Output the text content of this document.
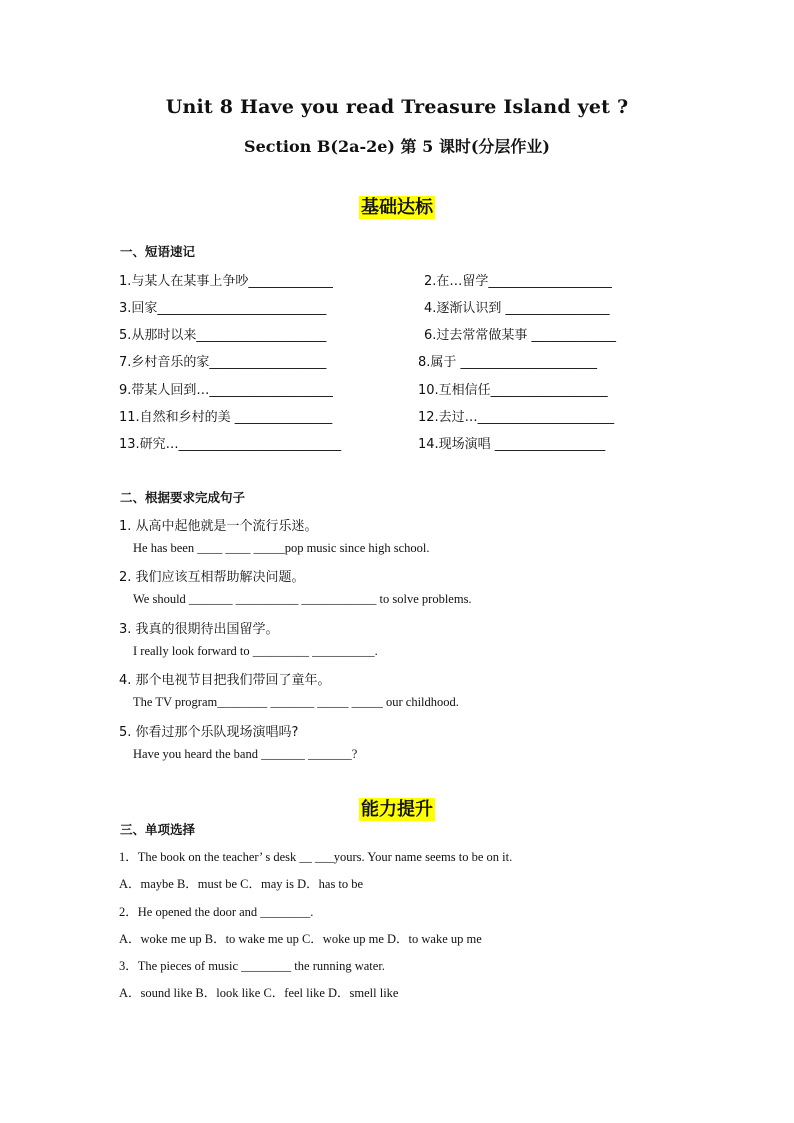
Unit 8 Have you read Treasure Island yet ?
Section B(2a-2e) 第 5 课时(分层作业)
基础达标
一、短语速记
1.与某人在某事上争吵_____________	2.在…留学___________________
3.回家__________________________	4.逐渐认识到 ________________
5.从那时以来____________________	6.过去常常做某事 _____________
7.乡村音乐的家__________________	8.属于 _____________________
9.带某人回到…___________________	10.互相信任__________________
11.自然和乡村的美 _______________	12.去过…_____________________
13.研究…_________________________	14.现场演唱 _________________
二、根据要求完成句子
1. 从高中起他就是一个流行乐迷。
He has been ____ ____ _____pop music since high school.
2. 我们应该互相帮助解决问题。
We should _______ __________ ____________ to solve problems.
3. 我真的很期待出国留学。
I really look forward to _________ __________.
4. 那个电视节目把我们带回了童年。
The TV program________ _______ _____ _____ our childhood.
5. 你看过那个乐队现场演唱吗?
Have you heard the band _______ _______?
能力提升
三、单项选择
1．The book on the teacher’ s desk __ ___yours. Your name seems to be on it.
A．maybe B．must be C．may is D．has to be
2．He opened the door and ________.
A．woke me up B．to wake me up C．woke up me D．to wake up me
3．The pieces of music ________ the running water.
A．sound like B．look like C．feel like D．smell like
